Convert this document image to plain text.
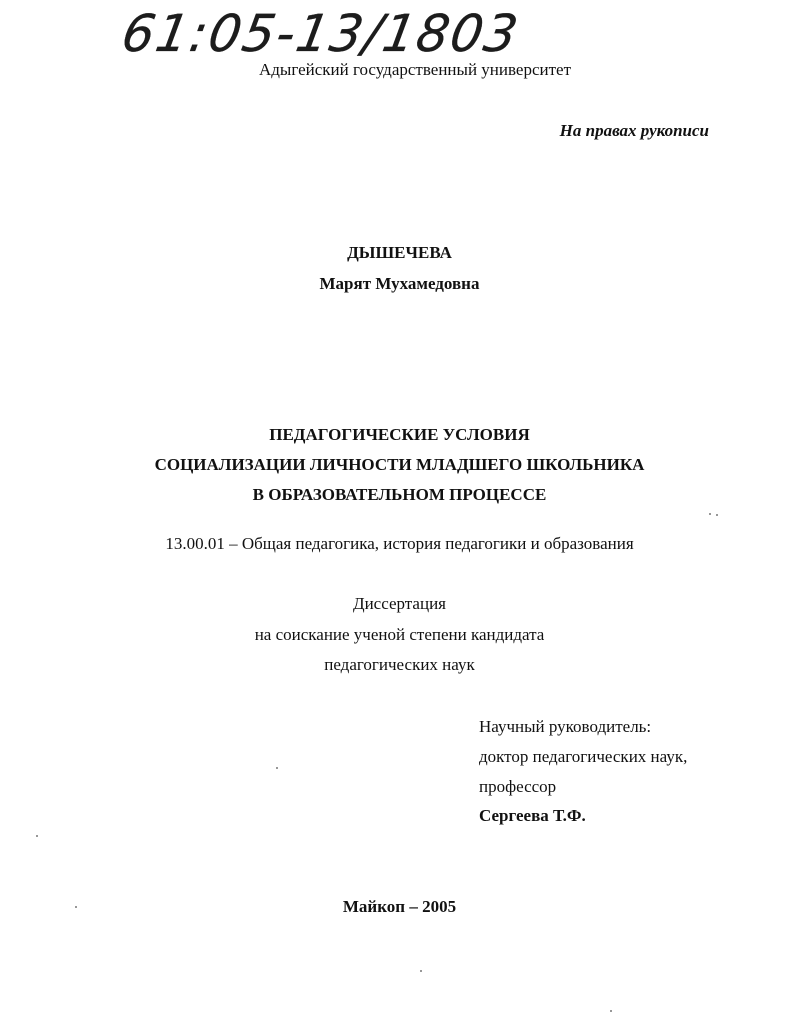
61:05-13/1803
Адыгейский государственный университет
На правах рукописи
ДЫШЕЧЕВА
Марят Мухамедовна
ПЕДАГОГИЧЕСКИЕ УСЛОВИЯ
СОЦИАЛИЗАЦИИ ЛИЧНОСТИ МЛАДШЕГО ШКОЛЬНИКА
В ОБРАЗОВАТЕЛЬНОМ ПРОЦЕССЕ
13.00.01 – Общая педагогика, история педагогики и образования
Диссертация
на соискание ученой степени кандидата
педагогических наук
Научный руководитель:
доктор педагогических наук,
профессор
Сергеева Т.Ф.
Майкоп – 2005
